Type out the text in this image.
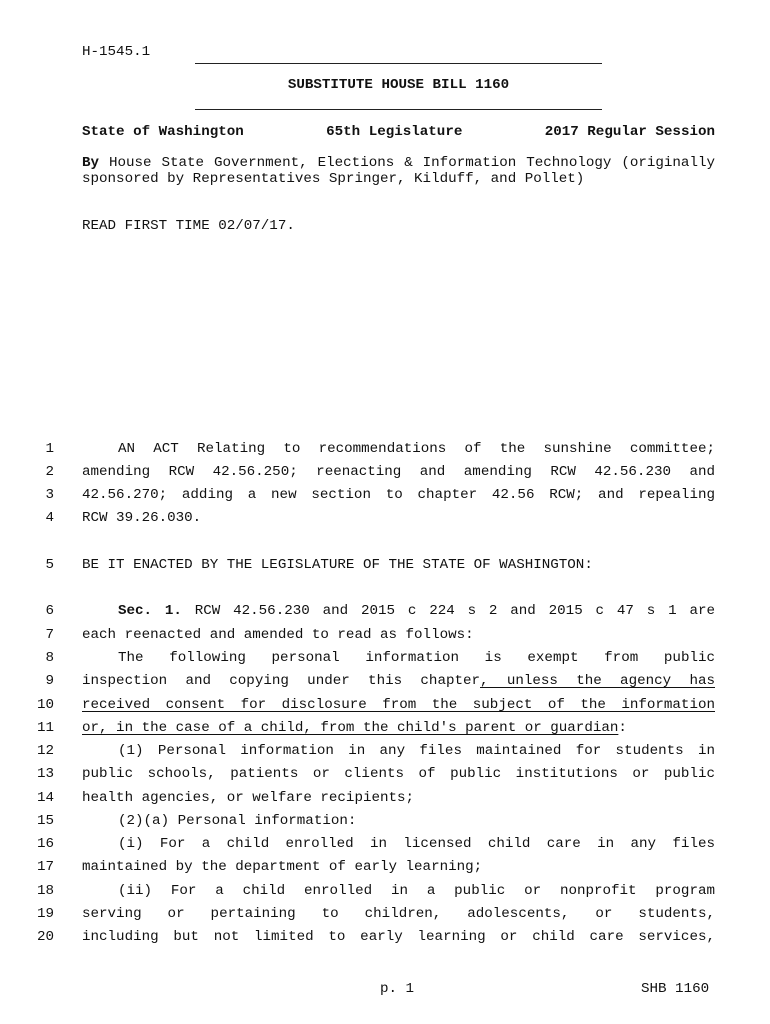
H-1545.1
SUBSTITUTE HOUSE BILL 1160
State of Washington	65th Legislature	2017 Regular Session
By House State Government, Elections & Information Technology (originally sponsored by Representatives Springer, Kilduff, and Pollet)
READ FIRST TIME 02/07/17.
1	AN ACT Relating to recommendations of the sunshine committee;
2 amending RCW 42.56.250; reenacting and amending RCW 42.56.230 and
3 42.56.270; adding a new section to chapter 42.56 RCW; and repealing
4 RCW 39.26.030.
5 BE IT ENACTED BY THE LEGISLATURE OF THE STATE OF WASHINGTON:
6	Sec. 1. RCW 42.56.230 and 2015 c 224 s 2 and 2015 c 47 s 1 are
7 each reenacted and amended to read as follows:
8	The following personal information is exempt from public
9 inspection and copying under this chapter, unless the agency has
10 received consent for disclosure from the subject of the information
11 or, in the case of a child, from the child's parent or guardian:
12	(1) Personal information in any files maintained for students in
13 public schools, patients or clients of public institutions or public
14 health agencies, or welfare recipients;
15	(2)(a) Personal information:
16	(i) For a child enrolled in licensed child care in any files
17 maintained by the department of early learning;
18	(ii) For a child enrolled in a public or nonprofit program
19 serving or pertaining to children, adolescents, or students,
20 including but not limited to early learning or child care services,
p. 1	SHB 1160
